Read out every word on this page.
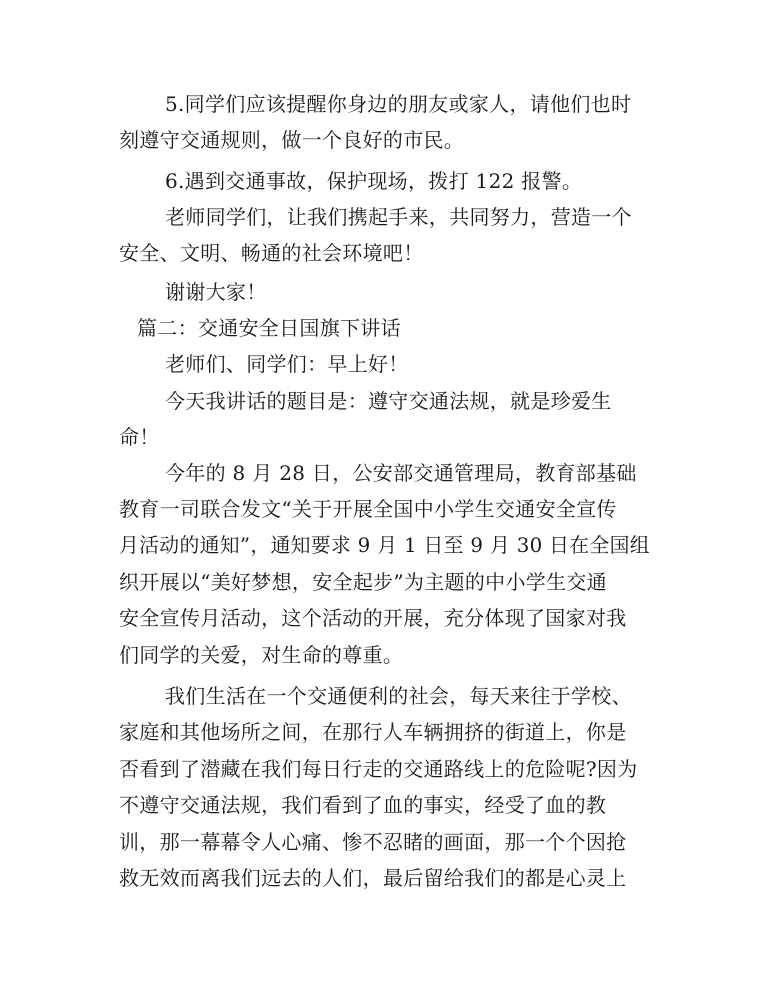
5.同学们应该提醒你身边的朋友或家人，请他们也时
刻遵守交通规则，做一个良好的市民。
6.遇到交通事故，保护现场，拨打 122 报警。
老师同学们，让我们携起手来，共同努力，营造一个
安全、文明、畅通的社会环境吧！
谢谢大家！
篇二：交通安全日国旗下讲话
老师们、同学们：早上好！
今天我讲话的题目是：遵守交通法规，就是珍爱生
命！
今年的 8 月 28 日，公安部交通管理局，教育部基础
教育一司联合发文“关于开展全国中小学生交通安全宣传
月活动的通知”，通知要求 9 月 1 日至 9 月 30 日在全国组
织开展以“美好梦想，安全起步”为主题的中小学生交通
安全宣传月活动，这个活动的开展，充分体现了国家对我
们同学的关爱，对生命的尊重。
我们生活在一个交通便利的社会，每天来往于学校、
家庭和其他场所之间，在那行人车辆拥挤的街道上，你是
否看到了潜藏在我们每日行走的交通路线上的危险呢?因为
不遵守交通法规，我们看到了血的事实，经受了血的教
训，那一幕幕令人心痛、惨不忍睹的画面，那一个个因抢
救无效而离我们远去的人们，最后留给我们的都是心灵上
